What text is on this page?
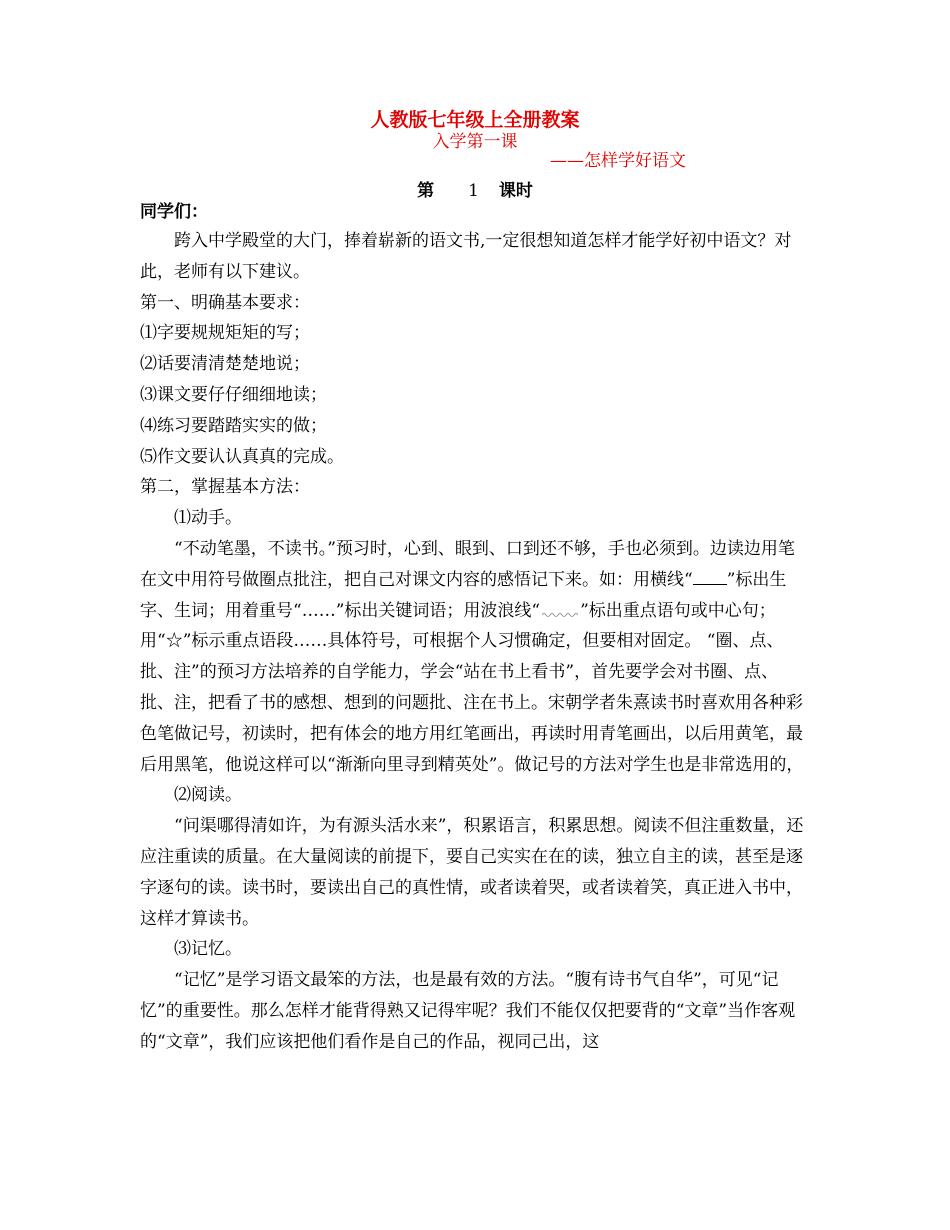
人教版七年级上全册教案
入学第一课
——怎样学好语文
第 1 课时
同学们：

跨入中学殿堂的大门，捧着崭新的语文书,一定很想知道怎样才能学好初中语文？对此，老师有以下建议。

第一、明确基本要求：

⑴字要规规矩矩的写；

⑵话要清清楚楚地说；

⑶课文要仔仔细细地读；

⑷练习要踏踏实实的做；

⑸作文要认认真真的完成。

第二，掌握基本方法：

⑴动手。

“不动笔墨，不读书。”预习时，心到、眼到、口到还不够，手也必须到。边读边用笔在文中用符号做圈点批注，把自己对课文内容的感悟记下来。如：用横线“ ”标出生字、生词；用着重号“……”标出关键词语；用波浪线“ ”标出重点语句或中心句；用“☆”标示重点语段……具体符号，可根据个人习惯确定，但要相对固定。 “圈、点、批、注”的预习方法培养的自学能力，学会“站在书上看书”，首先要学会对书圈、点、批、注，把看了书的感想、想到的问题批、注在书上。宋朝学者朱熹读书时喜欢用各种彩色笔做记号，初读时，把有体会的地方用红笔画出，再读时用青笔画出，以后用黄笔，最后用黑笔，他说这样可以“渐渐向里寻到精英处”。做记号的方法对学生也是非常选用的，

⑵阅读。

“问渠哪得清如许，为有源头活水来”，积累语言，积累思想。阅读不但注重数量，还应注重读的质量。在大量阅读的前提下，要自己实实在在的读，独立自主的读，甚至是逐字逐句的读。读书时，要读出自己的真性情，或者读着哭，或者读着笑，真正进入书中，这样才算读书。

⑶记忆。

“记忆”是学习语文最笨的方法，也是最有效的方法。“腹有诗书气自华”，可见“记忆”的重要性。那么怎样才能背得熟又记得牢呢？我们不能仅仅把要背的“文章”当作客观的“文章”，我们应该把他们看作是自己的作品，视同己出，这
